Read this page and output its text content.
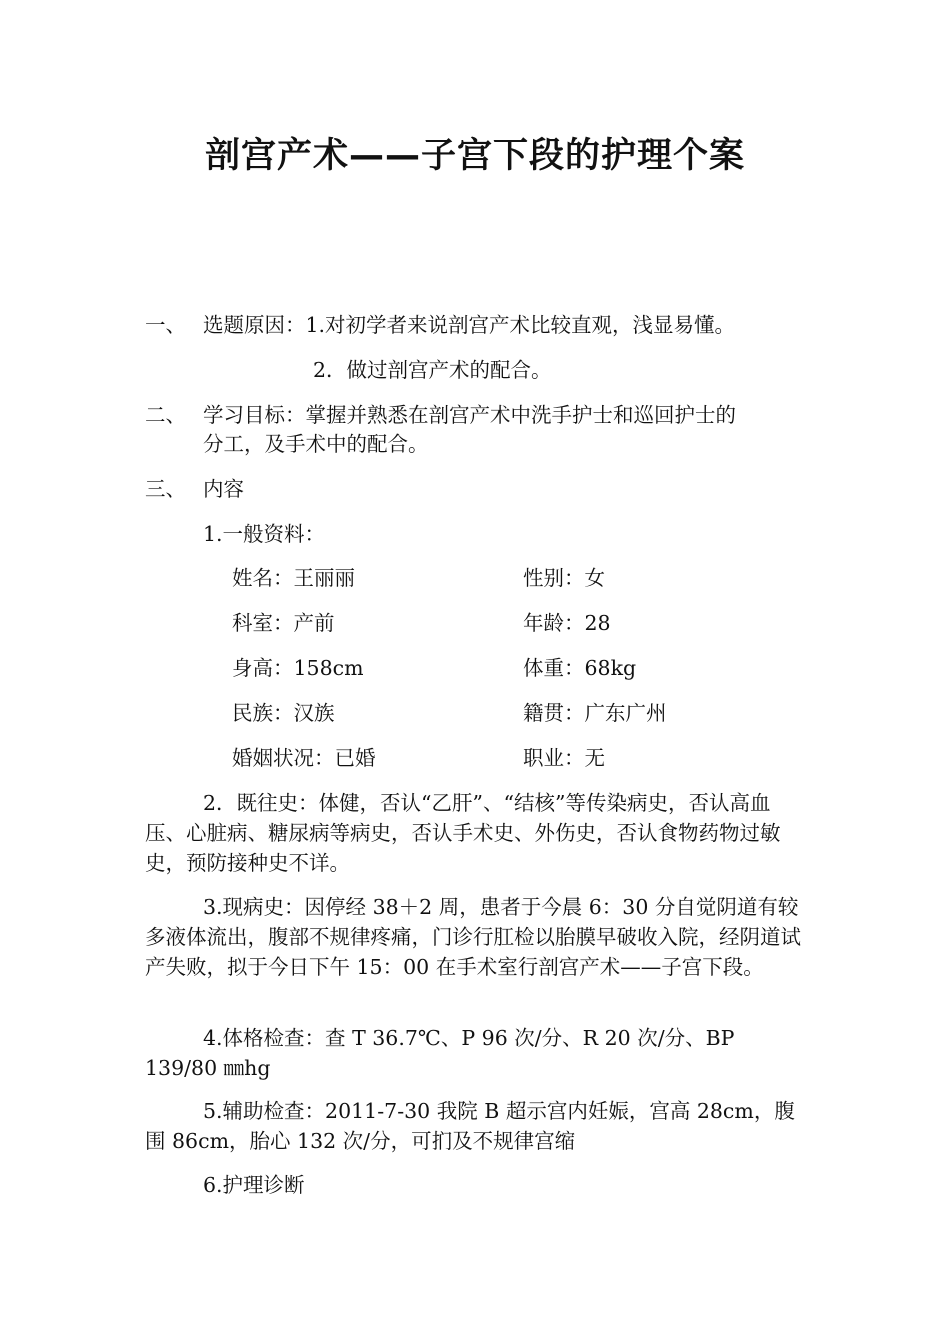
剖宫产术——子宫下段的护理个案
一、 选题原因：1.对初学者来说剖宫产术比较直观，浅显易懂。
2．做过剖宫产术的配合。
二、 学习目标：掌握并熟悉在剖宫产术中洗手护士和巡回护士的
分工，及手术中的配合。
三、 内容
1.一般资料：
姓名：王丽丽	性别：女
科室：产前	年龄：28
身高：158cm	体重：68kg
民族：汉族	籍贯：广东广州
婚姻状况：已婚	职业：无
2．既往史：体健，否认“乙肝”、“结核”等传染病史，否认高血压、心脏病、糖尿病等病史，否认手术史、外伤史，否认食物药物过敏史，预防接种史不详。
3.现病史：因停经 38＋2 周，患者于今晨 6：30 分自觉阴道有较多液体流出，腹部不规律疼痛，门诊行肛检以胎膜早破收入院，经阴道试产失败，拟于今日下午 15：00 在手术室行剖宫产术——子宫下段。
4.体格检查：查 T 36.7℃、P 96 次/分、R 20 次/分、BP 139/80 ㎜hg
5.辅助检查：2011-7-30 我院 B 超示宫内妊娠，宫高 28cm，腹围 86cm，胎心 132 次/分，可扪及不规律宫缩
6.护理诊断
